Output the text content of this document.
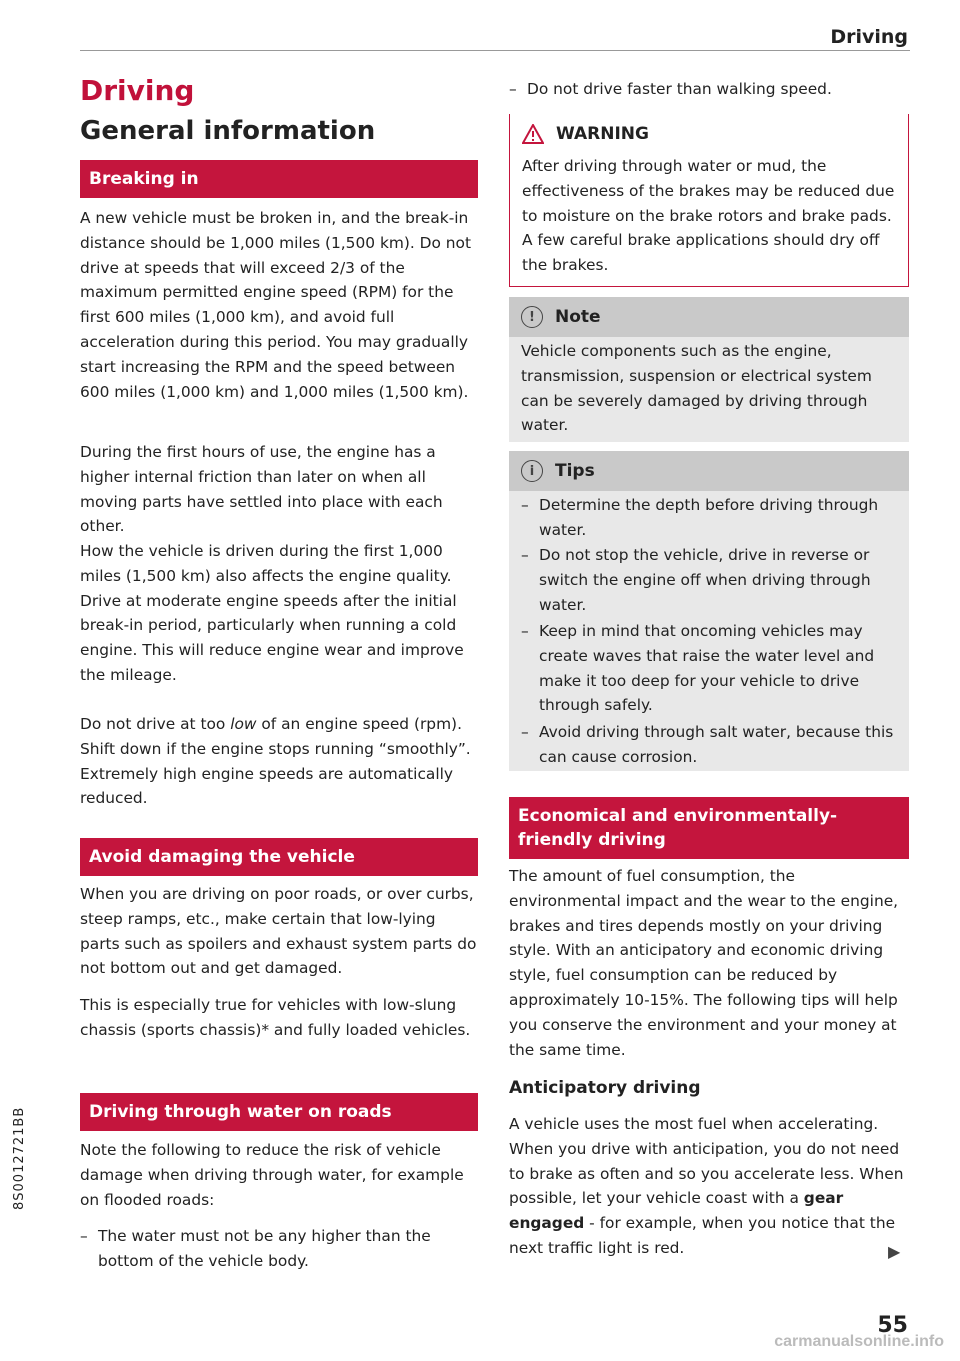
Driving
Driving
General information
Breaking in

A new vehicle must be broken in, and the break-in distance should be 1,000 miles (1,500 km). Do not drive at speeds that will exceed 2/3 of the maximum permitted engine speed (RPM) for the first 600 miles (1,000 km), and avoid full acceleration during this period. You may gradually start increasing the RPM and the speed between 600 miles (1,000 km) and 1,000 miles (1,500 km).

During the first hours of use, the engine has a higher internal friction than later on when all moving parts have settled into place with each other.

How the vehicle is driven during the first 1,000 miles (1,500 km) also affects the engine quality. Drive at moderate engine speeds after the initial break-in period, particularly when running a cold engine. This will reduce engine wear and improve the mileage.

Do not drive at too low of an engine speed (rpm). Shift down if the engine stops running “smoothly”. Extremely high engine speeds are automatically reduced.

Avoid damaging the vehicle

When you are driving on poor roads, or over curbs, steep ramps, etc., make certain that low-lying parts such as spoilers and exhaust system parts do not bottom out and get damaged.

This is especially true for vehicles with low-slung chassis (sports chassis)* and fully loaded vehicles.

Driving through water on roads

Note the following to reduce the risk of vehicle damage when driving through water, for example on flooded roads:

– The water must not be any higher than the bottom of the vehicle body.
– Do not drive faster than walking speed.
WARNING

After driving through water or mud, the effectiveness of the brakes may be reduced due to moisture on the brake rotors and brake pads. A few careful brake applications should dry off the brakes.

!	Note

Vehicle components such as the engine, transmission, suspension or electrical system can be severely damaged by driving through water.

i	Tips
– Determine the depth before driving through water.
– Do not stop the vehicle, drive in reverse or switch the engine off when driving through water.
– Keep in mind that oncoming vehicles may create waves that raise the water level and make it too deep for your vehicle to drive through safely.
– Avoid driving through salt water, because this can cause corrosion.
Economical and environmentally-friendly driving

The amount of fuel consumption, the environmental impact and the wear to the engine, brakes and tires depends mostly on your driving style. With an anticipatory and economic driving style, fuel consumption can be reduced by approximately 10-15%. The following tips will help you conserve the environment and your money at the same time.

Anticipatory driving

A vehicle uses the most fuel when accelerating. When you drive with anticipation, you do not need to brake as often and so you accelerate less. When possible, let your vehicle coast with a gear engaged - for example, when you notice that the next traffic light is red.	▶
55
8S0012721BB
carmanualsonline.info
